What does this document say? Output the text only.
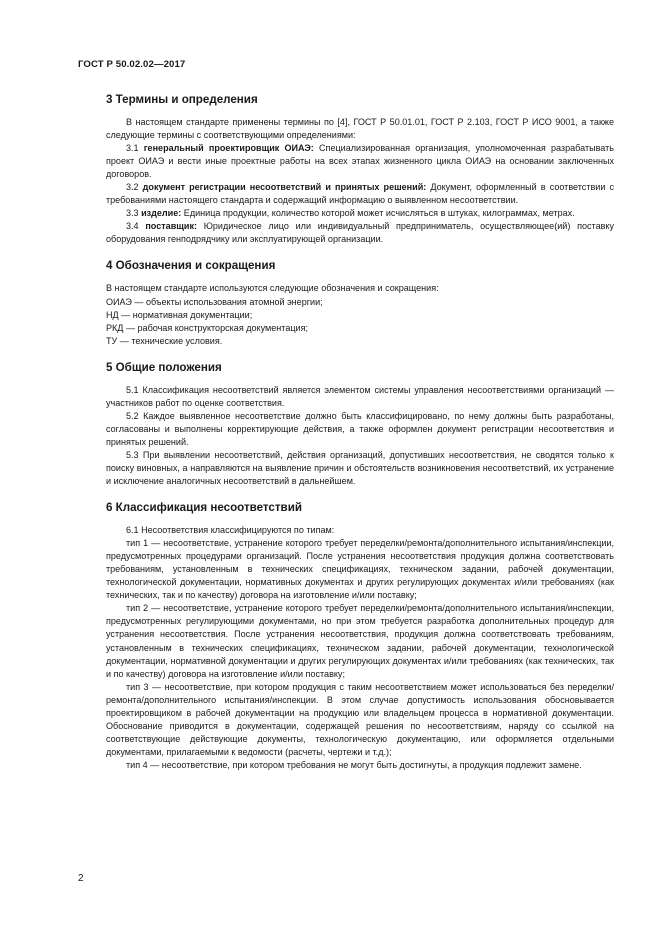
ГОСТ Р 50.02.02—2017
3 Термины и определения

В настоящем стандарте применены термины по [4], ГОСТ Р 50.01.01, ГОСТ Р 2.103, ГОСТ Р ИСО 9001, а также следующие термины с соответствующими определениями:

3.1 генеральный проектировщик ОИАЭ: Специализированная организация, уполномоченная разрабатывать проект ОИАЭ и вести иные проектные работы на всех этапах жизненного цикла ОИАЭ на основании заключенных договоров.

3.2 документ регистрации несоответствий и принятых решений: Документ, оформленный в соответствии с требованиями настоящего стандарта и содержащий информацию о выявленном несоответствии.

3.3 изделие: Единица продукции, количество которой может исчисляться в штуках, килограммах, метрах.

3.4 поставщик: Юридическое лицо или индивидуальный предприниматель, осуществляющее(ий) поставку оборудования генподрядчику или эксплуатирующей организации.

4 Обозначения и сокращения

В настоящем стандарте используются следующие обозначения и сокращения:

ОИАЭ — объекты использования атомной энергии;

НД — нормативная документации;

РКД — рабочая конструкторская документация;

ТУ — технические условия.

5 Общие положения

5.1 Классификация несоответствий является элементом системы управления несоответствиями организаций — участников работ по оценке соответствия.

5.2 Каждое выявленное несоответствие должно быть классифицировано, по нему должны быть разработаны, согласованы и выполнены корректирующие действия, а также оформлен документ регистрации несоответствия и принятых решений.

5.3 При выявлении несоответствий, действия организаций, допустивших несоответствия, не сводятся только к поиску виновных, а направляются на выявление причин и обстоятельств возникновения несоответствий, их устранение и исключение аналогичных несоответствий в дальнейшем.

6 Классификация несоответствий

6.1 Несоответствия классифицируются по типам:

тип 1 — несоответствие, устранение которого требует переделки/ремонта/дополнительного испытания/инспекции, предусмотренных процедурами организаций. После устранения несоответствия продукция должна соответствовать требованиям, установленным в технических спецификациях, техническом задании, рабочей документации, технологической документации, нормативных документах и других регулирующих документах и/или требованиях (как технических, так и по качеству) договора на изготовление и/или поставку;

тип 2 — несоответствие, устранение которого требует переделки/ремонта/дополнительного испытания/инспекции, предусмотренных регулирующими документами, но при этом требуется разработка дополнительных процедур для устранения несоответствия. После устранения несоответствия, продукция должна соответствовать требованиям, установленным в технических спецификациях, техническом задании, рабочей документации, технологической документации, нормативной документации и других регулирующих документах и/или требованиях (как технических, так и по качеству) договора на изготовление и/или поставку;

тип 3 — несоответствие, при котором продукция с таким несоответствием может использоваться без переделки/ремонта/дополнительного испытания/инспекции. В этом случае допустимость использования обосновывается проектировщиком в рабочей документации на продукцию или владельцем процесса в нормативной документации. Обоснование приводится в документации, содержащей решения по несоответствиям, наряду со ссылкой на соответствующие действующие документы, технологическую документацию, или оформляется отдельными документами, прилагаемыми к ведомости (расчеты, чертежи и т.д.);

тип 4 — несоответствие, при котором требования не могут быть достигнуты, а продукция подлежит замене.

2
